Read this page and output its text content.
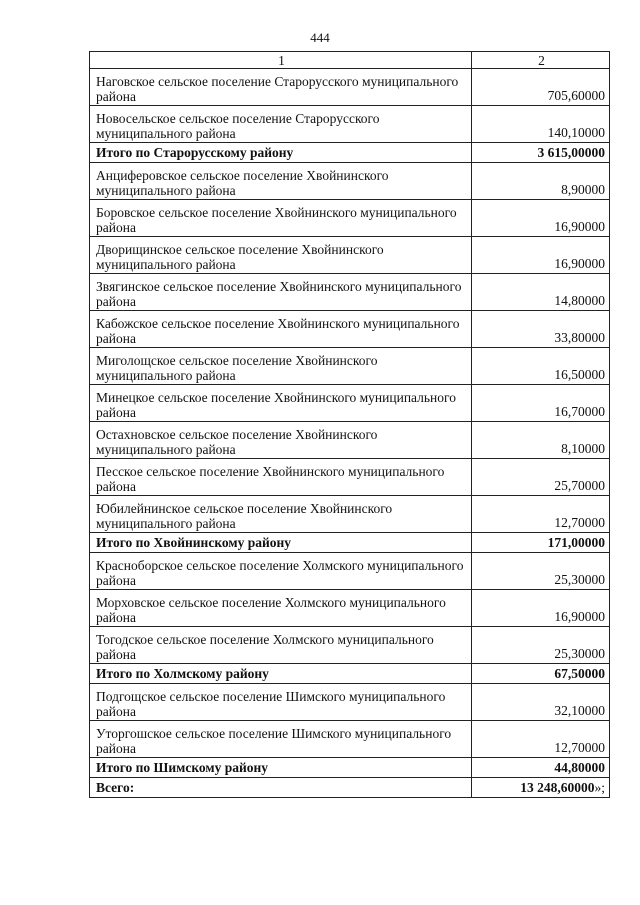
444
1	2
Наговское сельское поселение Старорусского муниципального района	705,60000
Новосельское сельское поселение Старорусского муниципального района	140,10000
Итого по Старорусскому району	3 615,00000
Анциферовское сельское поселение Хвойнинского муниципального района	8,90000
Боровское сельское поселение Хвойнинского муниципального района	16,90000
Дворищинское сельское поселение Хвойнинского муниципального района	16,90000
Звягинское сельское поселение Хвойнинского муниципального района	14,80000
Кабожское сельское поселение Хвойнинского муниципального района	33,80000
Миголощское сельское поселение Хвойнинского муниципального района	16,50000
Минецкое сельское поселение Хвойнинского муниципального района	16,70000
Остахновское сельское поселение Хвойнинского муниципального района	8,10000
Песское сельское поселение Хвойнинского муниципального района	25,70000
Юбилейнинское сельское поселение Хвойнинского муниципального района	12,70000
Итого по Хвойнинскому району	171,00000
Красноборское сельское поселение Холмского муниципального района	25,30000
Морховское сельское поселение Холмского муниципального района	16,90000
Тогодское сельское поселение Холмского муниципального района	25,30000
Итого по Холмскому району	67,50000
Подгощское сельское поселение Шимского муниципального района	32,10000
Уторгошское сельское поселение Шимского муниципального района	12,70000
Итого по Шимскому району	44,80000
Всего:	13 248,60000»;
